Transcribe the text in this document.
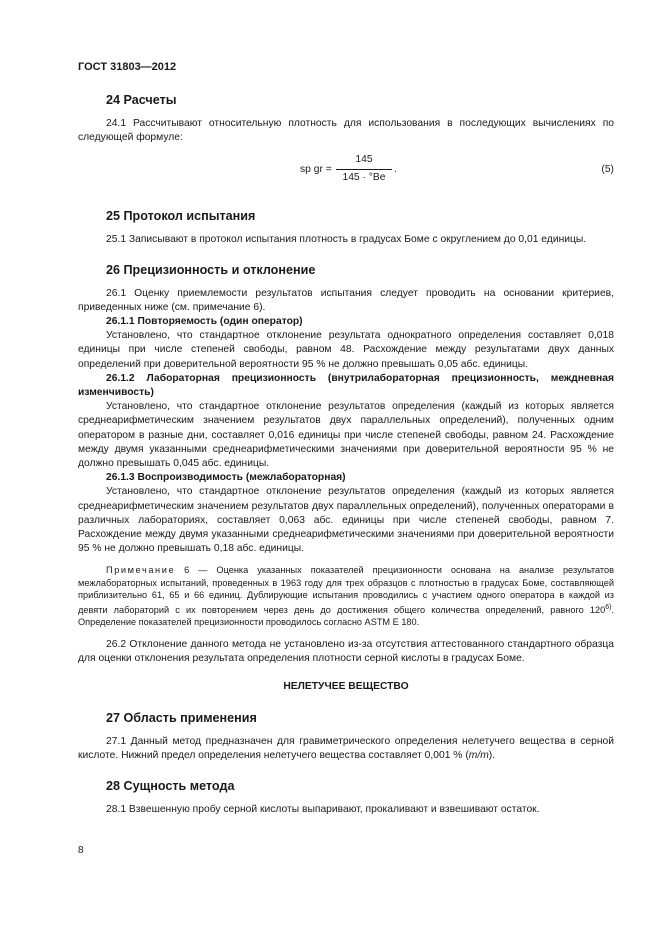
ГОСТ 31803—2012
24 Расчеты

24.1 Рассчитывают относительную плотность для использования в последующих вычислениях по следующей формуле:

sp gr = $\frac{145}{145 \cdot ^\circ Be}$ .	(5)
25 Протокол испытания

25.1 Записывают в протокол испытания плотность в градусах Боме с округлением до 0,01 единицы.

26 Прецизионность и отклонение

26.1 Оценку приемлемости результатов испытания следует проводить на основании критериев, приведенных ниже (см. примечание 6).

26.1.1 Повторяемость (один оператор)

Установлено, что стандартное отклонение результата однократного определения составляет 0,018 единицы при числе степеней свободы, равном 48. Расхождение между результатами двух данных определений при доверительной вероятности 95 % не должно превышать 0,05 абс. единицы.

26.1.2 Лабораторная прецизионность (внутрилабораторная прецизионность, междневная изменчивость)

Установлено, что стандартное отклонение результатов определения (каждый из которых является среднеарифметическим значением результатов двух параллельных определений), полученных одним оператором в разные дни, составляет 0,016 единицы при числе степеней свободы, равном 24. Расхождение между двумя указанными среднеарифметическими значениями при доверительной вероятности 95 % не должно превышать 0,045 абс. единицы.

26.1.3 Воспроизводимость (межлабораторная)

Установлено, что стандартное отклонение результатов определения (каждый из которых является среднеарифметическим значением результатов двух параллельных определений), полученных операторами в различных лабораториях, составляет 0,063 абс. единицы при числе степеней свободы, равном 7. Расхождение между двумя указанными среднеарифметическими значениями при доверительной вероятности 95 % не должно превышать 0,18 абс. единицы.

Примечание 6 — Оценка указанных показателей прецизионности основана на анализе результатов межлабораторных испытаний, проведенных в 1963 году для трех образцов с плотностью в градусах Боме, составляющей приблизительно 61, 65 и 66 единиц. Дублирующие испытания проводились с участием одного оператора в каждой из девяти лабораторий с их повторением через день до достижения общего количества определений, равного 120$^{6)}$. Определение показателей прецизионности проводилось согласно ASTM E 180.

26.2 Отклонение данного метода не установлено из-за отсутствия аттестованного стандартного образца для оценки отклонения результата определения плотности серной кислоты в градусах Боме.

НЕЛЕТУЧЕЕ ВЕЩЕСТВО
27 Область применения

27.1 Данный метод предназначен для гравиметрического определения нелетучего вещества в серной кислоте. Нижний предел определения нелетучего вещества составляет 0,001 % (m/m).

28 Сущность метода

28.1 Взвешенную пробу серной кислоты выпаривают, прокаливают и взвешивают остаток.

8
